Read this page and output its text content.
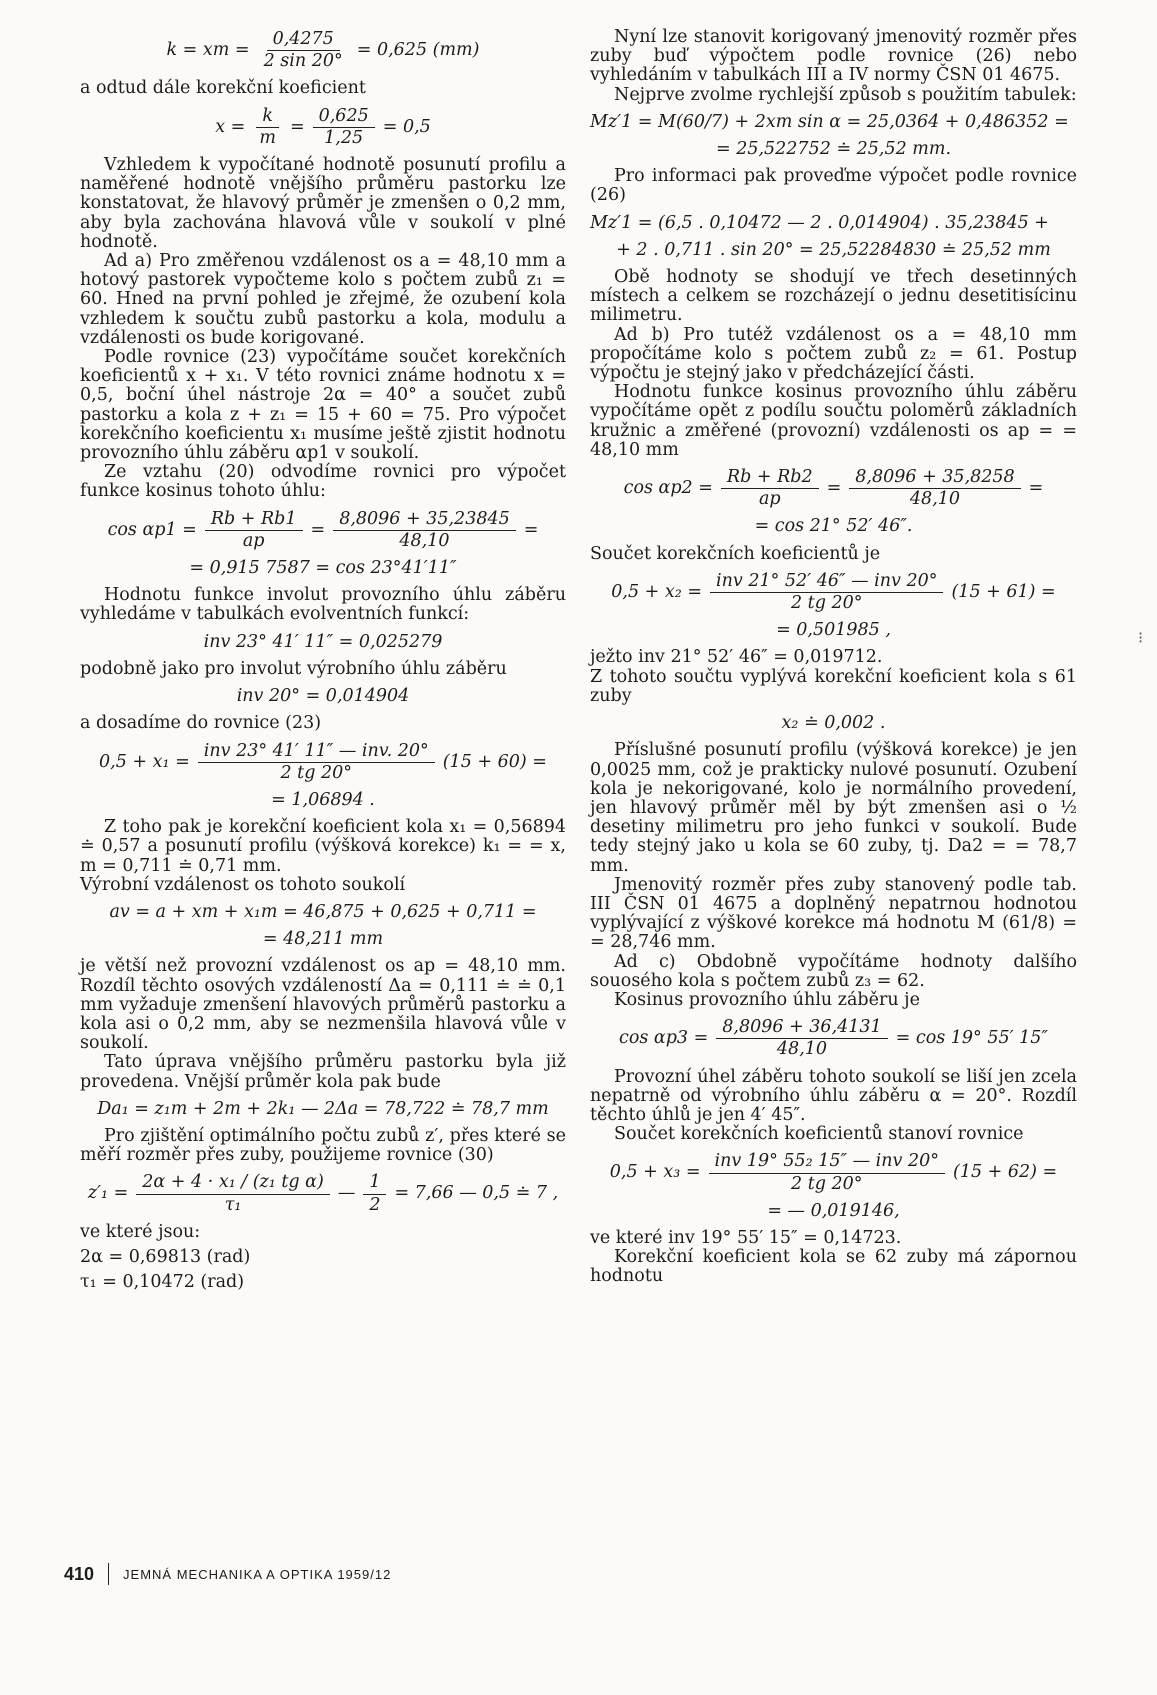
k = xm = $\frac{0,4275}{2 \sin 20^\circ} = 0,625$ (mm)

a odtud dále korekční koeficient

$x = \frac{k}{m} = \frac{0,625}{1,25} = 0,5$

Vzhledem k vypočítané hodnotě posunutí profilu a naměřené hodnotě vnějšího průměru pastorku lze konstatovat, že hlavový průměr je zmenšen o 0,2 mm, aby byla zachována hlavová vůle v soukolí v plné hodnotě.

Ad a) Pro změřenou vzdálenost os a = 48,10 mm a hotový pastorek vypočteme kolo s počtem zubů z₁ = 60. Hned na první pohled je zřejmé, že ozubení kola vzhledem k součtu zubů pastorku a kola, modulu a vzdálenosti os bude korigované.

Podle rovnice (23) vypočítáme součet korekčních koeficientů x + x₁. V této rovnici známe hodnotu x = 0,5, boční úhel nástroje 2α = 40° a součet zubů pastorku a kola z + z₁ = 15 + 60 = 75. Pro výpočet korekčního koeficientu x₁ musíme ještě zjistit hodnotu provozního úhlu záběru αp1 v soukolí.

Ze vztahu (20) odvodíme rovnici pro výpočet funkce kosinus tohoto úhlu:

$\cos \alpha p1 = \frac{Rb + Rb1}{ap} = \frac{8,8096 + 35,23845}{48,10}$ =
= 0,915 7587 = cos 23°41′11″

Hodnotu funkce involut provozního úhlu záběru vyhledáme v tabulkách evolventních funkcí:

inv 23° 41′ 11″ = 0,025279

podobně jako pro involut výrobního úhlu záběru

inv 20° = 0,014904

a dosadíme do rovnice (23)

$0,5 + x_1 = \frac{\text{inv 23° 41′ 11″ — inv. 20°}}{2 tg 20^\circ} (15 + 60)$ =
= 1,06894 .

Z toho pak je korekční koeficient kola x₁ = 0,56894 ≐ 0,57 a posunutí profilu (výšková korekce) k₁ = = x, m = 0,711 ≐ 0,71 mm.

Výrobní vzdálenost os tohoto soukolí

av = a + xm + x₁m = 46,875 + 0,625 + 0,711 =
= 48,211 mm

je větší než provozní vzdálenost os ap = 48,10 mm. Rozdíl těchto osových vzdáleností Δa = 0,111 ≐ ≐ 0,1 mm vyžaduje zmenšení hlavových průměrů pastorku a kola asi o 0,2 mm, aby se nezmenšila hlavová vůle v soukolí.

Tato úprava vnějšího průměru pastorku byla již provedena. Vnější průměr kola pak bude

Da₁ = z₁m + 2m + 2k₁ — 2Δa = 78,722 ≐ 78,7 mm

Pro zjištění optimálního počtu zubů z′, přes které se měří rozměr přes zuby, použijeme rovnice (30)

$z'_1 = \frac{\text{2α + 4 · x₁ / (z₁ tg α)}}{\text{τ₁}}$ — $\frac{1}{2} = 7,66$ — 0,5 ≐ 7 ,

ve které jsou:

2α = 0,69813 (rad)

τ₁ = 0,10472 (rad)

Nyní lze stanovit korigovaný jmenovitý rozměr přes zuby buď výpočtem podle rovnice (26) nebo vyhledáním v tabulkách III a IV normy ČSN 01 4675.

Nejprve zvolme rychlejší způsob s použitím tabulek:

Mz′1 = M(60/7) + 2xm sin α = 25,0364 + 0,486352 =
= 25,522752 ≐ 25,52 mm.

Pro informaci pak proveďme výpočet podle rovnice (26)

Mz′1 = (6,5 . 0,10472 — 2 . 0,014904) . 35,23845 +
+ 2 . 0,711 . sin 20° = 25,52284830 ≐ 25,52 mm

Obě hodnoty se shodují ve třech desetinných místech a celkem se rozcházejí o jednu desetitisícinu milimetru.

Ad b) Pro tutéž vzdálenost os a = 48,10 mm propočítáme kolo s počtem zubů z₂ = 61. Postup výpočtu je stejný jako v předcházející části.

Hodnotu funkce kosinus provozního úhlu záběru vypočítáme opět z podílu součtu poloměrů základních kružnic a změřené (provozní) vzdálenosti os ap = = 48,10 mm

$\cos \alpha p2 = \frac{Rb + Rb2}{ap} = \frac{8,8096 + 35,8258}{48,10}$ =
= cos 21° 52′ 46″.

Součet korekčních koeficientů je

$0,5 + x_2 = \frac{\text{inv 21° 52′ 46″ — inv 20°}}{2 tg 20^\circ} (15 + 61)$ =
= 0,501985 ,

ježto inv 21° 52′ 46″ = 0,019712.

Z tohoto součtu vyplývá korekční koeficient kola s 61 zuby

x₂ ≐ 0,002 .

Příslušné posunutí profilu (výšková korekce) je jen 0,0025 mm, což je prakticky nulové posunutí. Ozubení kola je nekorigované, kolo je normálního provedení, jen hlavový průměr měl by být zmenšen asi o ½ desetiny milimetru pro jeho funkci v soukolí. Bude tedy stejný jako u kola se 60 zuby, tj. Da2 = = 78,7 mm.

Jmenovitý rozměr přes zuby stanovený podle tab. III ČSN 01 4675 a doplněný nepatrnou hodnotou vyplývající z výškové korekce má hodnotu M (61/8) = = 28,746 mm.

Ad c) Obdobně vypočítáme hodnoty dalšího souosého kola s počtem zubů z₃ = 62.

Kosinus provozního úhlu záběru je

$\cos \alpha p3 = \frac{8,8096 + 36,4131}{48,10} = \cos 19^\circ$ 55′ 15″

Provozní úhel záběru tohoto soukolí se liší jen zcela nepatrně od výrobního úhlu záběru α = 20°. Rozdíl těchto úhlů je jen 4′ 45″.

Součet korekčních koeficientů stanoví rovnice

$0,5 + x_3 = \frac{\text{inv 19° 55₂ 15″ — inv 20°}}{2 tg 20^\circ} (15 + 62)$ =
= — 0,019146,

ve které inv 19° 55′ 15″ = 0,14723.

Korekční koeficient kola se 62 zuby má zápornou hodnotu

⁝
410 JEMNÁ MECHANIKA A OPTIKA 1959/12
